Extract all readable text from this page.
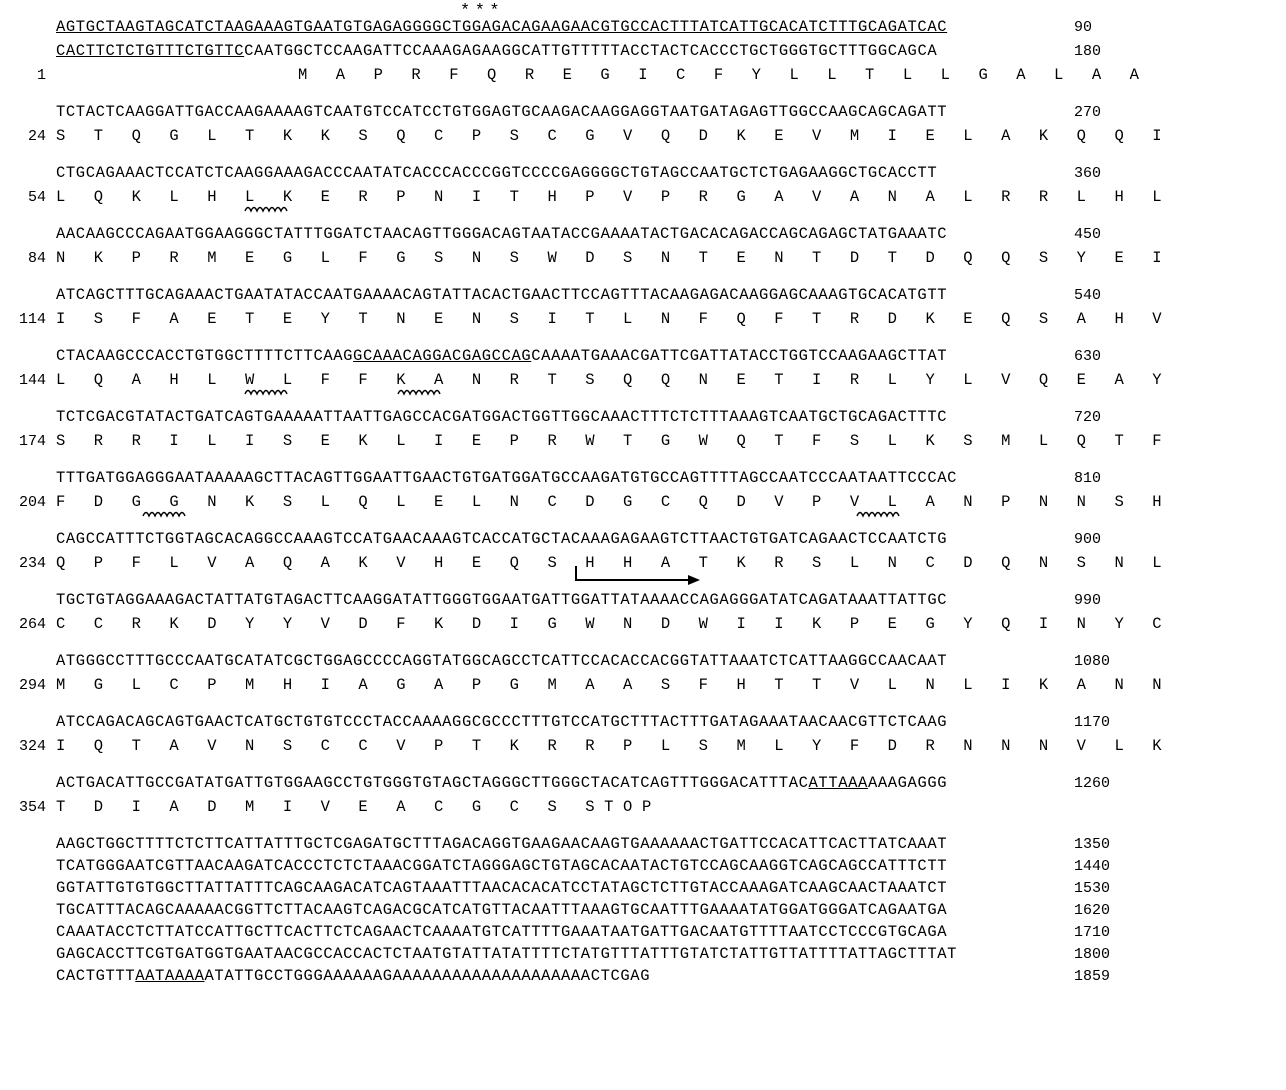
***
AGTGCTAAGTAGCATCTAAGAAAGTGAATGTGAGAGGGGCTGGAGACAGAAGAACGTGCCACTTTATCATTGCACATCTTTGCAGATCAC	90
CACTTCTCTGTTTCTGTTCCAATGGCTCCAAGATTCCAAAGAGAAGGCATTGTTTTTACCTACTCACCCTGCTGGGTGCTTTGGCAGCA	180
1	M A P R F Q R E G I C F Y L L T L L G A L A A
TCTACTCAAGGATTGACCAAGAAAAGTCAATGTCCATCCTGTGGAGTGCAAGACAAGGAGGTAATGATAGAGTTGGCCAAGCAGCAGATT	270
24 S T Q G L T K K S Q C P S C G V Q D K E V M I E L A K Q Q I
CTGCAGAAACTCCATCTCAAGGAAAGACCCAATATCACCCACCCGGTCCCCGAGGGGCTGTAGCCAATGCTCTGAGAAGGCTGCACCTT	360
54 L Q K L H L K E R P N I T H P V P R G A V A N A L R R L H L
AACAAGCCCAGAATGGAAGGGCTATTTGGATCTAACAGTTGGGACAGTAATACCGAAAATACTGACACAGACCAGCAGAGCTATGAAATC	450
84 N K P R M E G L F G S N S W D S N T E N T D T D Q Q S Y E I
ATCAGCTTTGCAGAAACTGAATATACCAATGAAAACAGTATTACACTGAACTTCCAGTTTACAAGAGACAAGGAGCAAAGTGCACATGTT	540
114 I S F A E T E Y T N E N S I T L N F Q F T R D K E Q S A H V
CTACAAGCCCACCTGTGGCTTTTCTTCAAGGCAAACAGGACGAGCCAGCAAAATGAAACGATTCGATTATACCTGGTCCAAGAAGCTTAT	630
144 L Q A H L W L F F K A N R T S Q Q N E T I R L Y L V Q E A Y
TCTCGACGTATACTGATCAGTGAAAAATTAATTGAGCCACGATGGACTGGTTGGCAAACTTTCTCTTTAAAGTCAATGCTGCAGACTTTC	720
174 S R R I L I S E K L I E P R W T G W Q T F S L K S M L Q T F
TTTGATGGAGGGAATAAAAAGCTTACAGTTGGAATTGAACTGTGATGGATGCCAAGATGTGCCAGTTTTAGCCAATCCCAATAATTCCCAC	810
204 F D G G N K S L Q L E L N C D G C Q D V P V L A N P N N S H
CAGCCATTTCTGGTAGCACAGGCCAAAGTCCATGAACAAAGTCACCATGCTACAAAGAGAAGTCTTAACTGTGATCAGAACTCCAATCTG	900
234 Q P F L V A Q A K V H E Q S H H A T K R S L N C D Q N S N L
TGCTGTAGGAAAGACTATTATGTAGACTTCAAGGATATTGGGTGGAATGATTGGATTATAAAACCAGAGGGATATCAGATAAATTATTGC	990
264 C C R K D Y Y V D F K D I G W N D W I I K P E G Y Q I N Y C
ATGGGCCTTTGCCCAATGCATATCGCTGGAGCCCCAGGTATGGCAGCCTCATTCCACACCACGGTATTAAATCTCATTAAGGCCAACAAT	1080
294 M G L C P M H I A G A P G M A A S F H T T V L N L I K A N N
ATCCAGACAGCAGTGAACTCATGCTGTGTCCCTACCAAAAGGCGCCCTTTGTCCATGCTTTACTTTGATAGAAATAACAACGTTCTCAAG	1170
324 I Q T A V N S C C V P T K R R P L S M L Y F D R N N N V L K
ACTGACATTGCCGATATGATTGTGGAAGCCTGTGGGTGTAGCTAGGGCTTGGGCTACATCAGTTTGGGACATTTACATTAAAAAAGAGGG	1260
354 T D I A D M I V E A C G C S STOP
AAGCTGGCTTTTCTCTTCATTATTTGCTCGAGATGCTTTAGACAGGTGAAGAACAAGTGAAAAAACTGATTCCACATTCACTTATCAAAT	1350
TCATGGGAATCGTTAACAAGATCACCCTCTCTAAACGGATCTAGGGAGCTGTAGCACAATACTGTCCAGCAAGGTCAGCAGCCATTTCTT	1440
GGTATTGTGTGGCTTATTATTTCAGCAAGACATCAGTAAATTTAACACACATCCTATAGCTCTTGTACCAAAGATCAAGCAACTAAATCT	1530
TGCATTTACAGCAAAAACGGTTCTTACAAGTCAGACGCATCATGTTACAATTTAAAGTGCAATTTGAAAATATGGATGGGATCAGAATGA	1620
CAAATACCTCTTATCCATTGCTTCACTTCTCAGAACTCAAAATGTCATTTTGAAATAATGATTGACAATGTTTTAATCCTCCCGTGCAGA	1710
GAGCACCTTCGTGATGGTGAATAACGCCACCACTCTAATGTATTATATTTTCTATGTTTATTTGTATCTATTGTTATTTTATTAGCTTTAT	1800
CACTGTTTAATAAAAATATTGCCTGGGAAAAAAGAAAAAAAAAAAAAAAAAAAACTCGAG	1859
